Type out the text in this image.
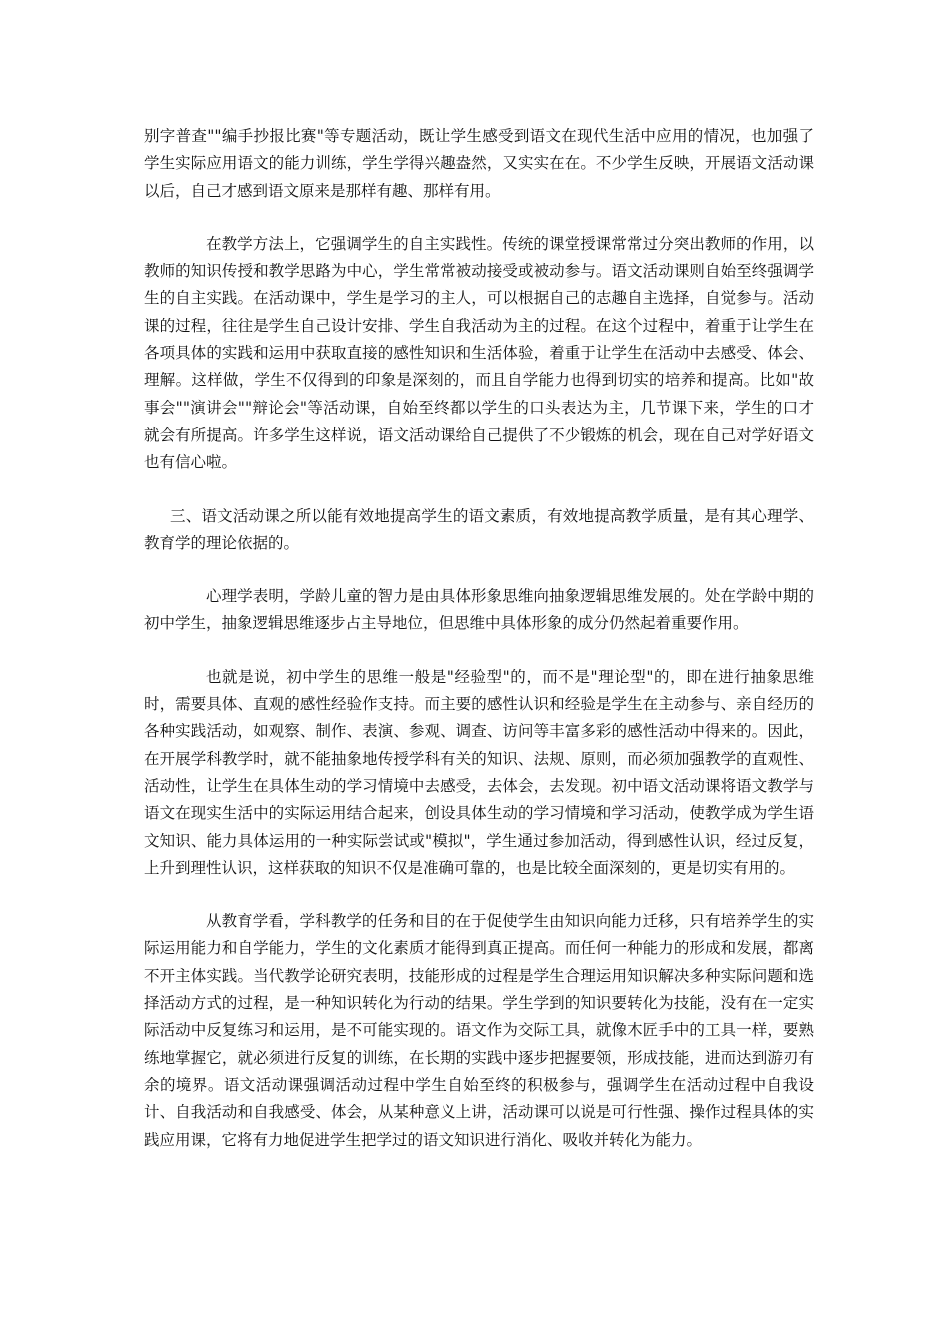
别字普查""编手抄报比赛"等专题活动，既让学生感受到语文在现代生活中应用的情况，也加强了学生实际应用语文的能力训练，学生学得兴趣盎然，又实实在在。不少学生反映，开展语文活动课以后，自己才感到语文原来是那样有趣、那样有用。

在教学方法上，它强调学生的自主实践性。传统的课堂授课常常过分突出教师的作用，以教师的知识传授和教学思路为中心，学生常常被动接受或被动参与。语文活动课则自始至终强调学生的自主实践。在活动课中，学生是学习的主人，可以根据自己的志趣自主选择，自觉参与。活动课的过程，往往是学生自己设计安排、学生自我活动为主的过程。在这个过程中，着重于让学生在各项具体的实践和运用中获取直接的感性知识和生活体验，着重于让学生在活动中去感受、体会、理解。这样做，学生不仅得到的印象是深刻的，而且自学能力也得到切实的培养和提高。比如"故事会""演讲会""辩论会"等活动课，自始至终都以学生的口头表达为主，几节课下来，学生的口才就会有所提高。许多学生这样说，语文活动课给自己提供了不少锻炼的机会，现在自己对学好语文也有信心啦。

三、语文活动课之所以能有效地提高学生的语文素质，有效地提高教学质量，是有其心理学、教育学的理论依据的。

心理学表明，学龄儿童的智力是由具体形象思维向抽象逻辑思维发展的。处在学龄中期的初中学生，抽象逻辑思维逐步占主导地位，但思维中具体形象的成分仍然起着重要作用。

也就是说，初中学生的思维一般是"经验型"的，而不是"理论型"的，即在进行抽象思维时，需要具体、直观的感性经验作支持。而主要的感性认识和经验是学生在主动参与、亲自经历的各种实践活动，如观察、制作、表演、参观、调查、访问等丰富多彩的感性活动中得来的。因此，在开展学科教学时，就不能抽象地传授学科有关的知识、法规、原则，而必须加强教学的直观性、活动性，让学生在具体生动的学习情境中去感受，去体会，去发现。初中语文活动课将语文教学与语文在现实生活中的实际运用结合起来，创设具体生动的学习情境和学习活动，使教学成为学生语文知识、能力具体运用的一种实际尝试或"模拟"，学生通过参加活动，得到感性认识，经过反复，上升到理性认识，这样获取的知识不仅是准确可靠的，也是比较全面深刻的，更是切实有用的。

从教育学看，学科教学的任务和目的在于促使学生由知识向能力迁移，只有培养学生的实际运用能力和自学能力，学生的文化素质才能得到真正提高。而任何一种能力的形成和发展，都离不开主体实践。当代教学论研究表明，技能形成的过程是学生合理运用知识解决多种实际问题和选择活动方式的过程，是一种知识转化为行动的结果。学生学到的知识要转化为技能，没有在一定实际活动中反复练习和运用，是不可能实现的。语文作为交际工具，就像木匠手中的工具一样，要熟练地掌握它，就必须进行反复的训练，在长期的实践中逐步把握要领，形成技能，进而达到游刃有余的境界。语文活动课强调活动过程中学生自始至终的积极参与，强调学生在活动过程中自我设计、自我活动和自我感受、体会，从某种意义上讲，活动课可以说是可行性强、操作过程具体的实践应用课，它将有力地促进学生把学过的语文知识进行消化、吸收并转化为能力。
